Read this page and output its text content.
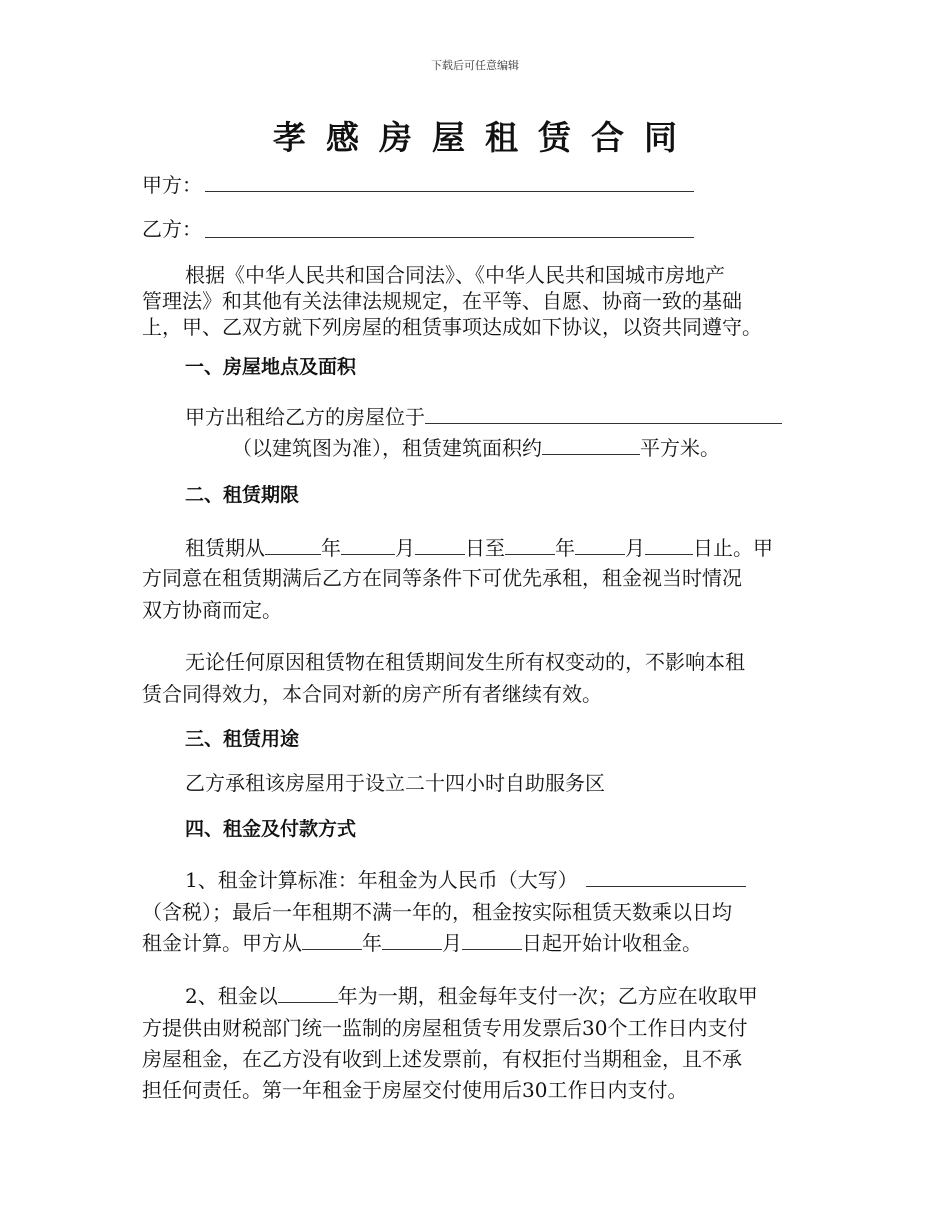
下载后可任意编辑
孝感房屋租赁合同
甲方：
乙方：
根据《中华人民共和国合同法》、《中华人民共和国城市房地产
管理法》和其他有关法律法规规定，在平等、自愿、协商一致的基础
上，甲、乙双方就下列房屋的租赁事项达成如下协议，以资共同遵守。
一、房屋地点及面积
甲方出租给乙方的房屋位于
（以建筑图为准），租赁建筑面积约	平方米。
二、租赁期限
租赁期从	年	月	日至	年	月 日止。甲
方同意在租赁期满后乙方在同等条件下可优先承租，租金视当时情况
双方协商而定。
无论任何原因租赁物在租赁期间发生所有权变动的，不影响本租
赁合同得效力，本合同对新的房产所有者继续有效。
三、租赁用途
乙方承租该房屋用于设立二十四小时自助服务区
四、租金及付款方式
1、租金计算标准：年租金为人民币（大写）
（含税）；最后一年租期不满一年的，租金按实际租赁天数乘以日均
租金计算。甲方从	年	月	日起开始计收租金。
2、租金以	年为一期，租金每年支付一次；乙方应在收取甲
方提供由财税部门统一监制的房屋租赁专用发票后30个工作日内支付
房屋租金，在乙方没有收到上述发票前，有权拒付当期租金，且不承
担任何责任。第一年租金于房屋交付使用后30工作日内支付。
